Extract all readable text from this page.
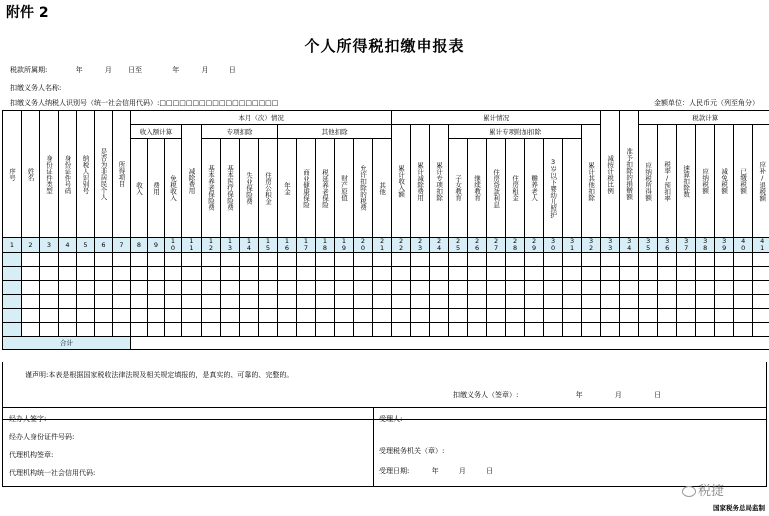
附件 2
个人所得税扣缴申报表
税款所属期:	年	月 日至	年	月	日
扣缴义务人名称:
扣缴义务人纳税人识别号（统一社会信用代码）:□□□□□□□□□□□□□□□□□□	金额单位：人民币元（列至角分）
序号	姓名	身份证件类型	身份证件号码	纳税人识别号	是否为非居民个人	所得项目	本月（次）情况														累计情况											减按计税比例	准予扣除的捐赠额	税款计算	
							收入额计算			减除费用	专项扣除				其他扣除						累计收入额	累计减除费用	累计专项扣除	累计专项附加扣除							累计其他扣除			应纳税所得额	税率/预扣率	速算扣除数	应纳税额	减免税额	已缴税额	应补/退税额	
							收入	费用	免税收入		基本养老保险费	基本医疗保险费	失业保险费	住房公积金	年金	商业健康保险	税延养老保险	财产原值	允许扣除的税费	其他				子女教育	继续教育	住房贷款利息	住房租金	赡养老人	3岁以下婴幼儿照护												
1	2	3	4	5	6	7	8	9	10	11	12	13	14	15	16	17	18	19	20	21	22	23	24	25	26	27	28	29	30	31	32	33	34	35	36	37	38	39	40	41	

合计																																									
谨声明:本表是根据国家税收法律法规及相关规定填报的，是真实的、可靠的、完整的。
扣缴义务人（签章）:	年	月	日
经办人签字:
经办人身份证件号码:
代理机构签章:
代理机构统一社会信用代码:
受理人:
受理税务机关（章）:
受理日期:	年	月	日
税捷
国家税务总局监制
